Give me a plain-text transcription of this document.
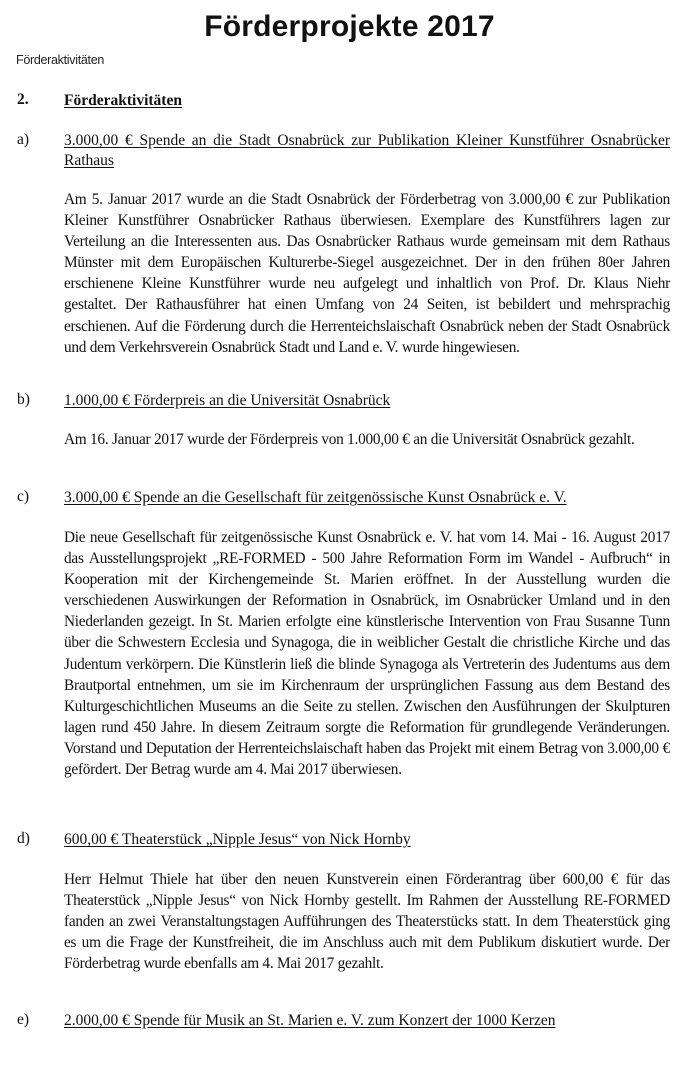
Förderprojekte 2017
Förderaktivitäten
2. Förderaktivitäten
a) 3.000,00 € Spende an die Stadt Osnabrück zur Publikation Kleiner Kunstführer Osnabrücker Rathaus

Am 5. Januar 2017 wurde an die Stadt Osnabrück der Förderbetrag von 3.000,00 € zur Publikation Kleiner Kunstführer Osnabrücker Rathaus überwiesen. Exemplare des Kunstführers lagen zur Verteilung an die Interessenten aus. Das Osnabrücker Rathaus wurde gemeinsam mit dem Rathaus Münster mit dem Europäischen Kulturerbe-Siegel ausgezeichnet. Der in den frühen 80er Jahren erschienene Kleine Kunstführer wurde neu aufgelegt und inhaltlich von Prof. Dr. Klaus Niehr gestaltet. Der Rathausführer hat einen Umfang von 24 Seiten, ist bebildert und mehrsprachig erschienen. Auf die Förderung durch die Herrenteichslaischaft Osnabrück neben der Stadt Osnabrück und dem Verkehrsverein Osnabrück Stadt und Land e. V. wurde hingewiesen.

b) 1.000,00 € Förderpreis an die Universität Osnabrück

Am 16. Januar 2017 wurde der Förderpreis von 1.000,00 € an die Universität Osnabrück gezahlt.

c) 3.000,00 € Spende an die Gesellschaft für zeitgenössische Kunst Osnabrück e. V.

Die neue Gesellschaft für zeitgenössische Kunst Osnabrück e. V. hat vom 14. Mai - 16. August 2017 das Ausstellungsprojekt „RE-FORMED - 500 Jahre Reformation Form im Wandel - Aufbruch“ in Kooperation mit der Kirchengemeinde St. Marien eröffnet. In der Ausstellung wurden die verschiedenen Auswirkungen der Reformation in Osnabrück, im Osnabrücker Umland und in den Niederlanden gezeigt. In St. Marien erfolgte eine künstlerische Intervention von Frau Susanne Tunn über die Schwestern Ecclesia und Synagoga, die in weiblicher Gestalt die christliche Kirche und das Judentum verkörpern. Die Künstlerin ließ die blinde Synagoga als Vertreterin des Judentums aus dem Brautportal entnehmen, um sie im Kirchenraum der ursprünglichen Fassung aus dem Bestand des Kulturgeschichtlichen Museums an die Seite zu stellen. Zwischen den Ausführungen der Skulpturen lagen rund 450 Jahre. In diesem Zeitraum sorgte die Reformation für grundlegende Veränderungen. Vorstand und Deputation der Herrenteichslaischaft haben das Projekt mit einem Betrag von 3.000,00 € gefördert. Der Betrag wurde am 4. Mai 2017 überwiesen.

d) 600,00 € Theaterstück „Nipple Jesus“ von Nick Hornby

Herr Helmut Thiele hat über den neuen Kunstverein einen Förderantrag über 600,00 € für das Theaterstück „Nipple Jesus“ von Nick Hornby gestellt. Im Rahmen der Ausstellung RE-FORMED fanden an zwei Veranstaltungstagen Aufführungen des Theaterstücks statt. In dem Theaterstück ging es um die Frage der Kunstfreiheit, die im Anschluss auch mit dem Publikum diskutiert wurde. Der Förderbetrag wurde ebenfalls am 4. Mai 2017 gezahlt.

e) 2.000,00 € Spende für Musik an St. Marien e. V. zum Konzert der 1000 Kerzen
